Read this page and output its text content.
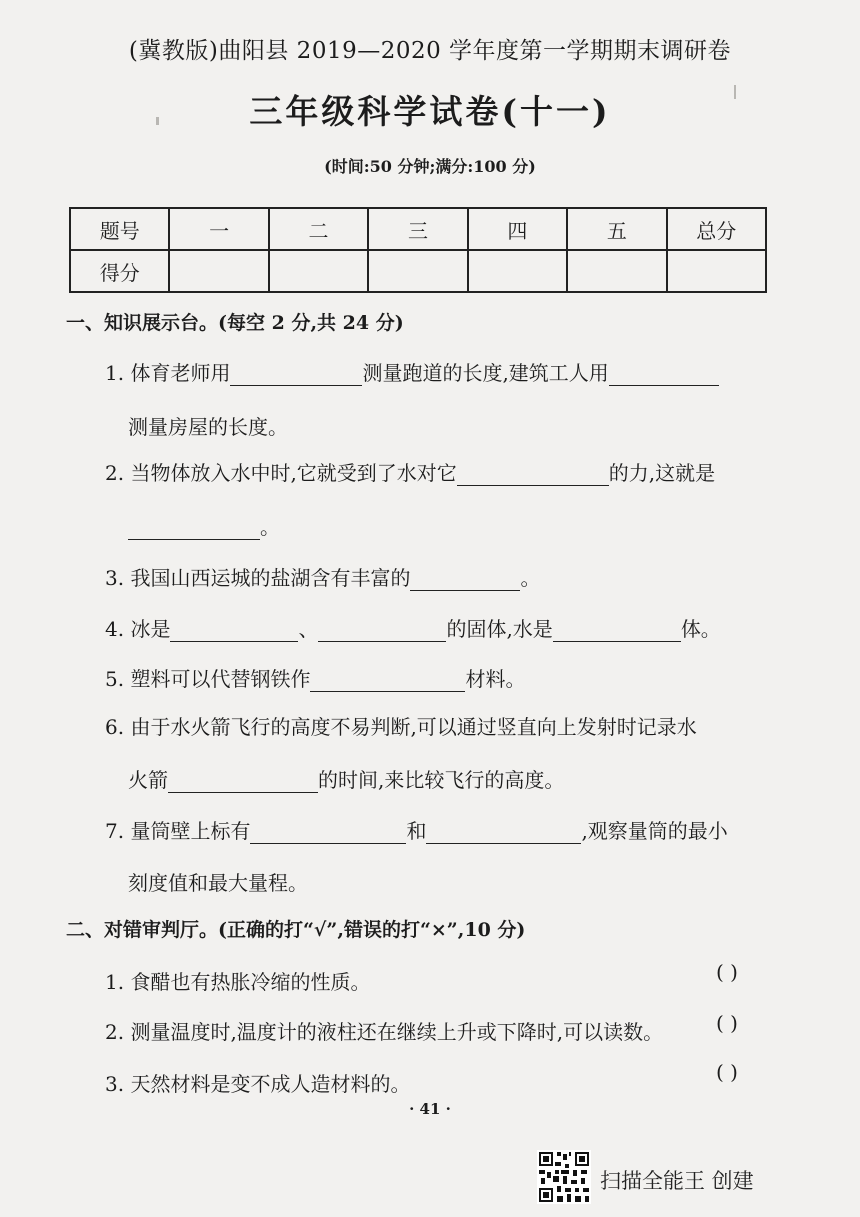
(冀教版)曲阳县 2019—2020 学年度第一学期期末调研卷
三年级科学试卷(十一)
(时间:50 分钟;满分:100 分)
题号	一	二	三	四	五	总分
得分						
一、知识展示台。(每空 2 分,共 24 分)
1. 体育老师用	测量跑道的长度,建筑工人用
测量房屋的长度。
2. 当物体放入水中时,它就受到了水对它	的力,这就是
。
3. 我国山西运城的盐湖含有丰富的	。
4. 冰是	、	的固体,水是	体。
5. 塑料可以代替钢铁作	材料。
6. 由于水火箭飞行的高度不易判断,可以通过竖直向上发射时记录水
火箭	的时间,来比较飞行的高度。
7. 量筒壁上标有	和	,观察量筒的最小
刻度值和最大量程。
二、对错审判厅。(正确的打“√”,错误的打“×”,10 分)
1. 食醋也有热胀冷缩的性质。	( )
2. 测量温度时,温度计的液柱还在继续上升或下降时,可以读数。	( )
3. 天然材料是变不成人造材料的。	( )
· 41 ·
扫描全能王 创建
